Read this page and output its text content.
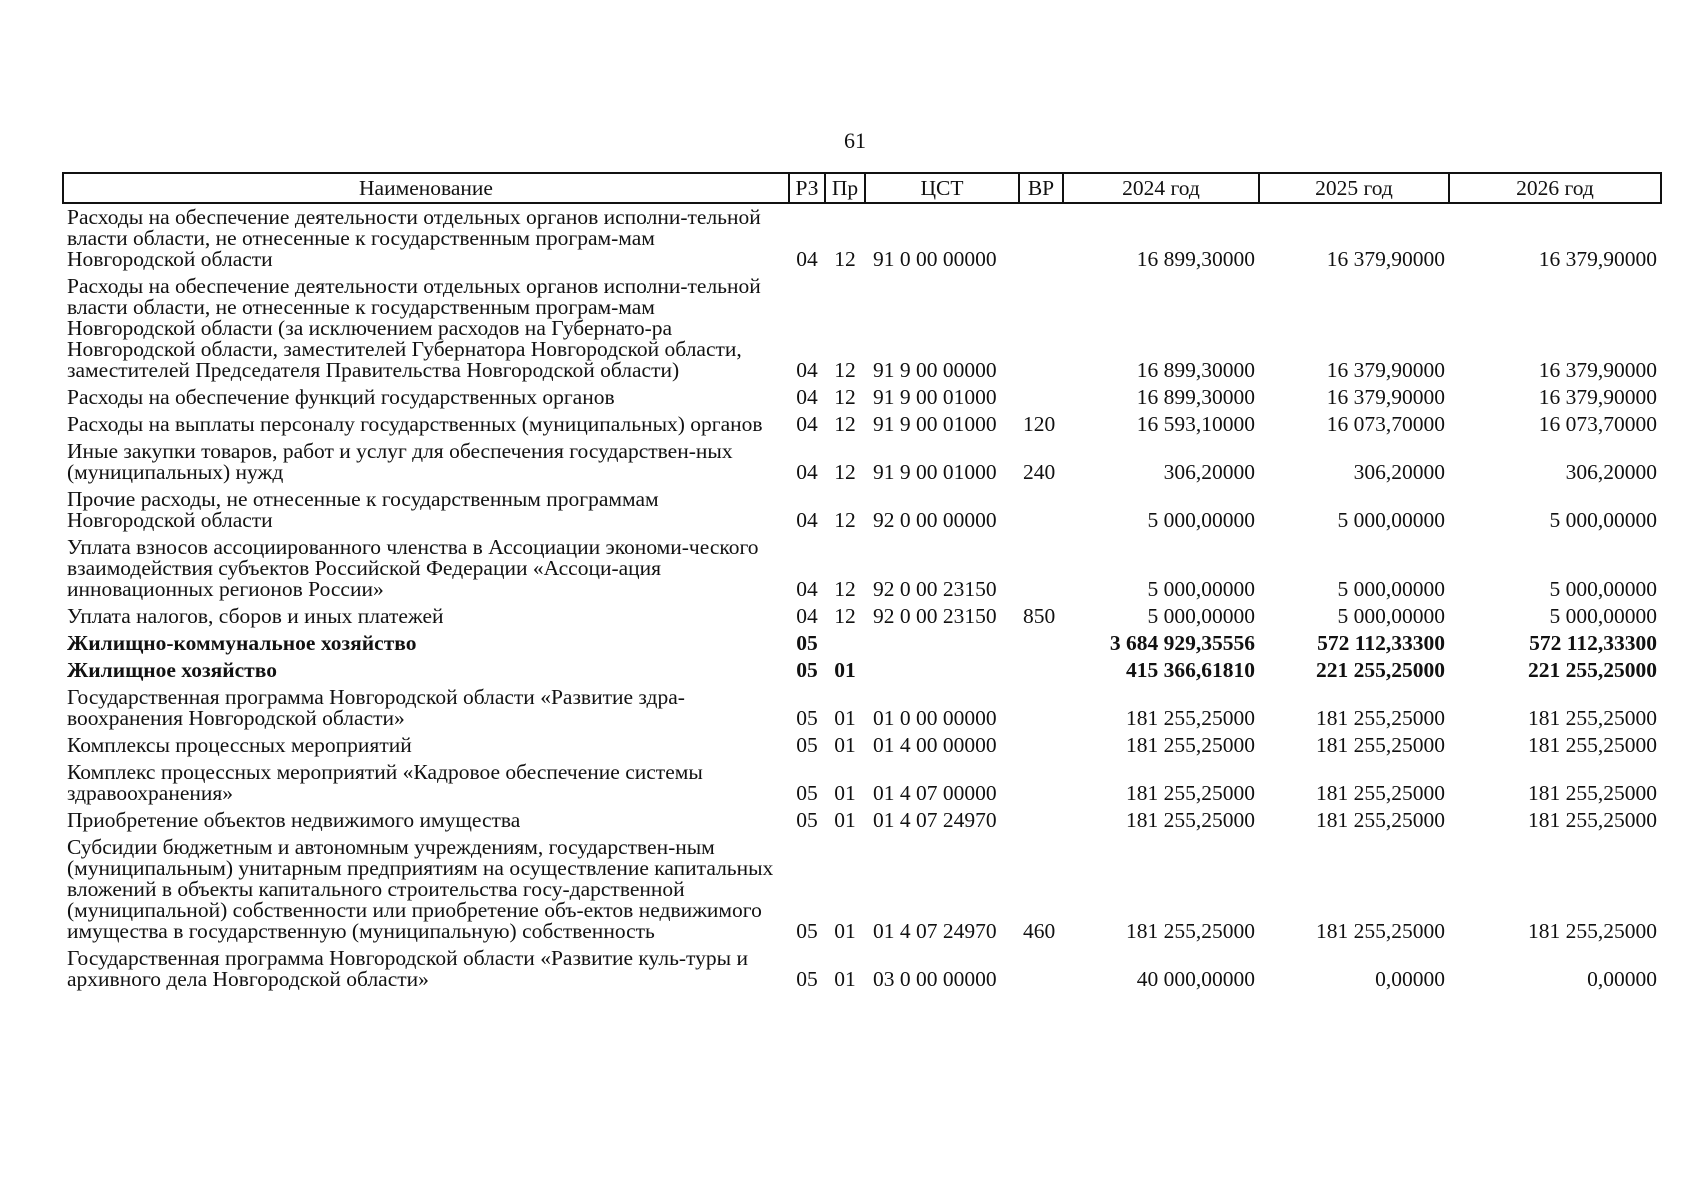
61
Наименование	РЗ	Пр	ЦСТ	ВР	2024 год	2025 год	2026 год
Расходы на обеспечение деятельности отдельных органов исполни-тельной власти области, не отнесенные к государственным програм-мам Новгородской области	04	12	91 0 00 00000		16 899,30000	16 379,90000	16 379,90000
Расходы на обеспечение деятельности отдельных органов исполни-тельной власти области, не отнесенные к государственным програм-мам Новгородской области (за исключением расходов на Губернато-ра Новгородской области, заместителей Губернатора Новгородской области, заместителей Председателя Правительства Новгородской области)	04	12	91 9 00 00000		16 899,30000	16 379,90000	16 379,90000
Расходы на обеспечение функций государственных органов	04	12	91 9 00 01000		16 899,30000	16 379,90000	16 379,90000
Расходы на выплаты персоналу государственных (муниципальных) органов	04	12	91 9 00 01000	120	16 593,10000	16 073,70000	16 073,70000
Иные закупки товаров, работ и услуг для обеспечения государствен-ных (муниципальных) нужд	04	12	91 9 00 01000	240	306,20000	306,20000	306,20000
Прочие расходы, не отнесенные к государственным программам Новгородской области	04	12	92 0 00 00000		5 000,00000	5 000,00000	5 000,00000
Уплата взносов ассоциированного членства в Ассоциации экономи-ческого взаимодействия субъектов Российской Федерации «Ассоци-ация инновационных регионов России»	04	12	92 0 00 23150		5 000,00000	5 000,00000	5 000,00000
Уплата налогов, сборов и иных платежей	04	12	92 0 00 23150	850	5 000,00000	5 000,00000	5 000,00000
Жилищно-коммунальное хозяйство	05				3 684 929,35556	572 112,33300	572 112,33300
Жилищное хозяйство	05	01			415 366,61810	221 255,25000	221 255,25000
Государственная программа Новгородской области «Развитие здра-воохранения Новгородской области»	05	01	01 0 00 00000		181 255,25000	181 255,25000	181 255,25000
Комплексы процессных мероприятий	05	01	01 4 00 00000		181 255,25000	181 255,25000	181 255,25000
Комплекс процессных мероприятий «Кадровое обеспечение системы здравоохранения»	05	01	01 4 07 00000		181 255,25000	181 255,25000	181 255,25000
Приобретение объектов недвижимого имущества	05	01	01 4 07 24970		181 255,25000	181 255,25000	181 255,25000
Субсидии бюджетным и автономным учреждениям, государствен-ным (муниципальным) унитарным предприятиям на осуществление капитальных вложений в объекты капитального строительства госу-дарственной (муниципальной) собственности или приобретение объ-ектов недвижимого имущества в государственную (муниципальную) собственность	05	01	01 4 07 24970	460	181 255,25000	181 255,25000	181 255,25000
Государственная программа Новгородской области «Развитие куль-туры и архивного дела Новгородской области»	05	01	03 0 00 00000		40 000,00000	0,00000	0,00000
